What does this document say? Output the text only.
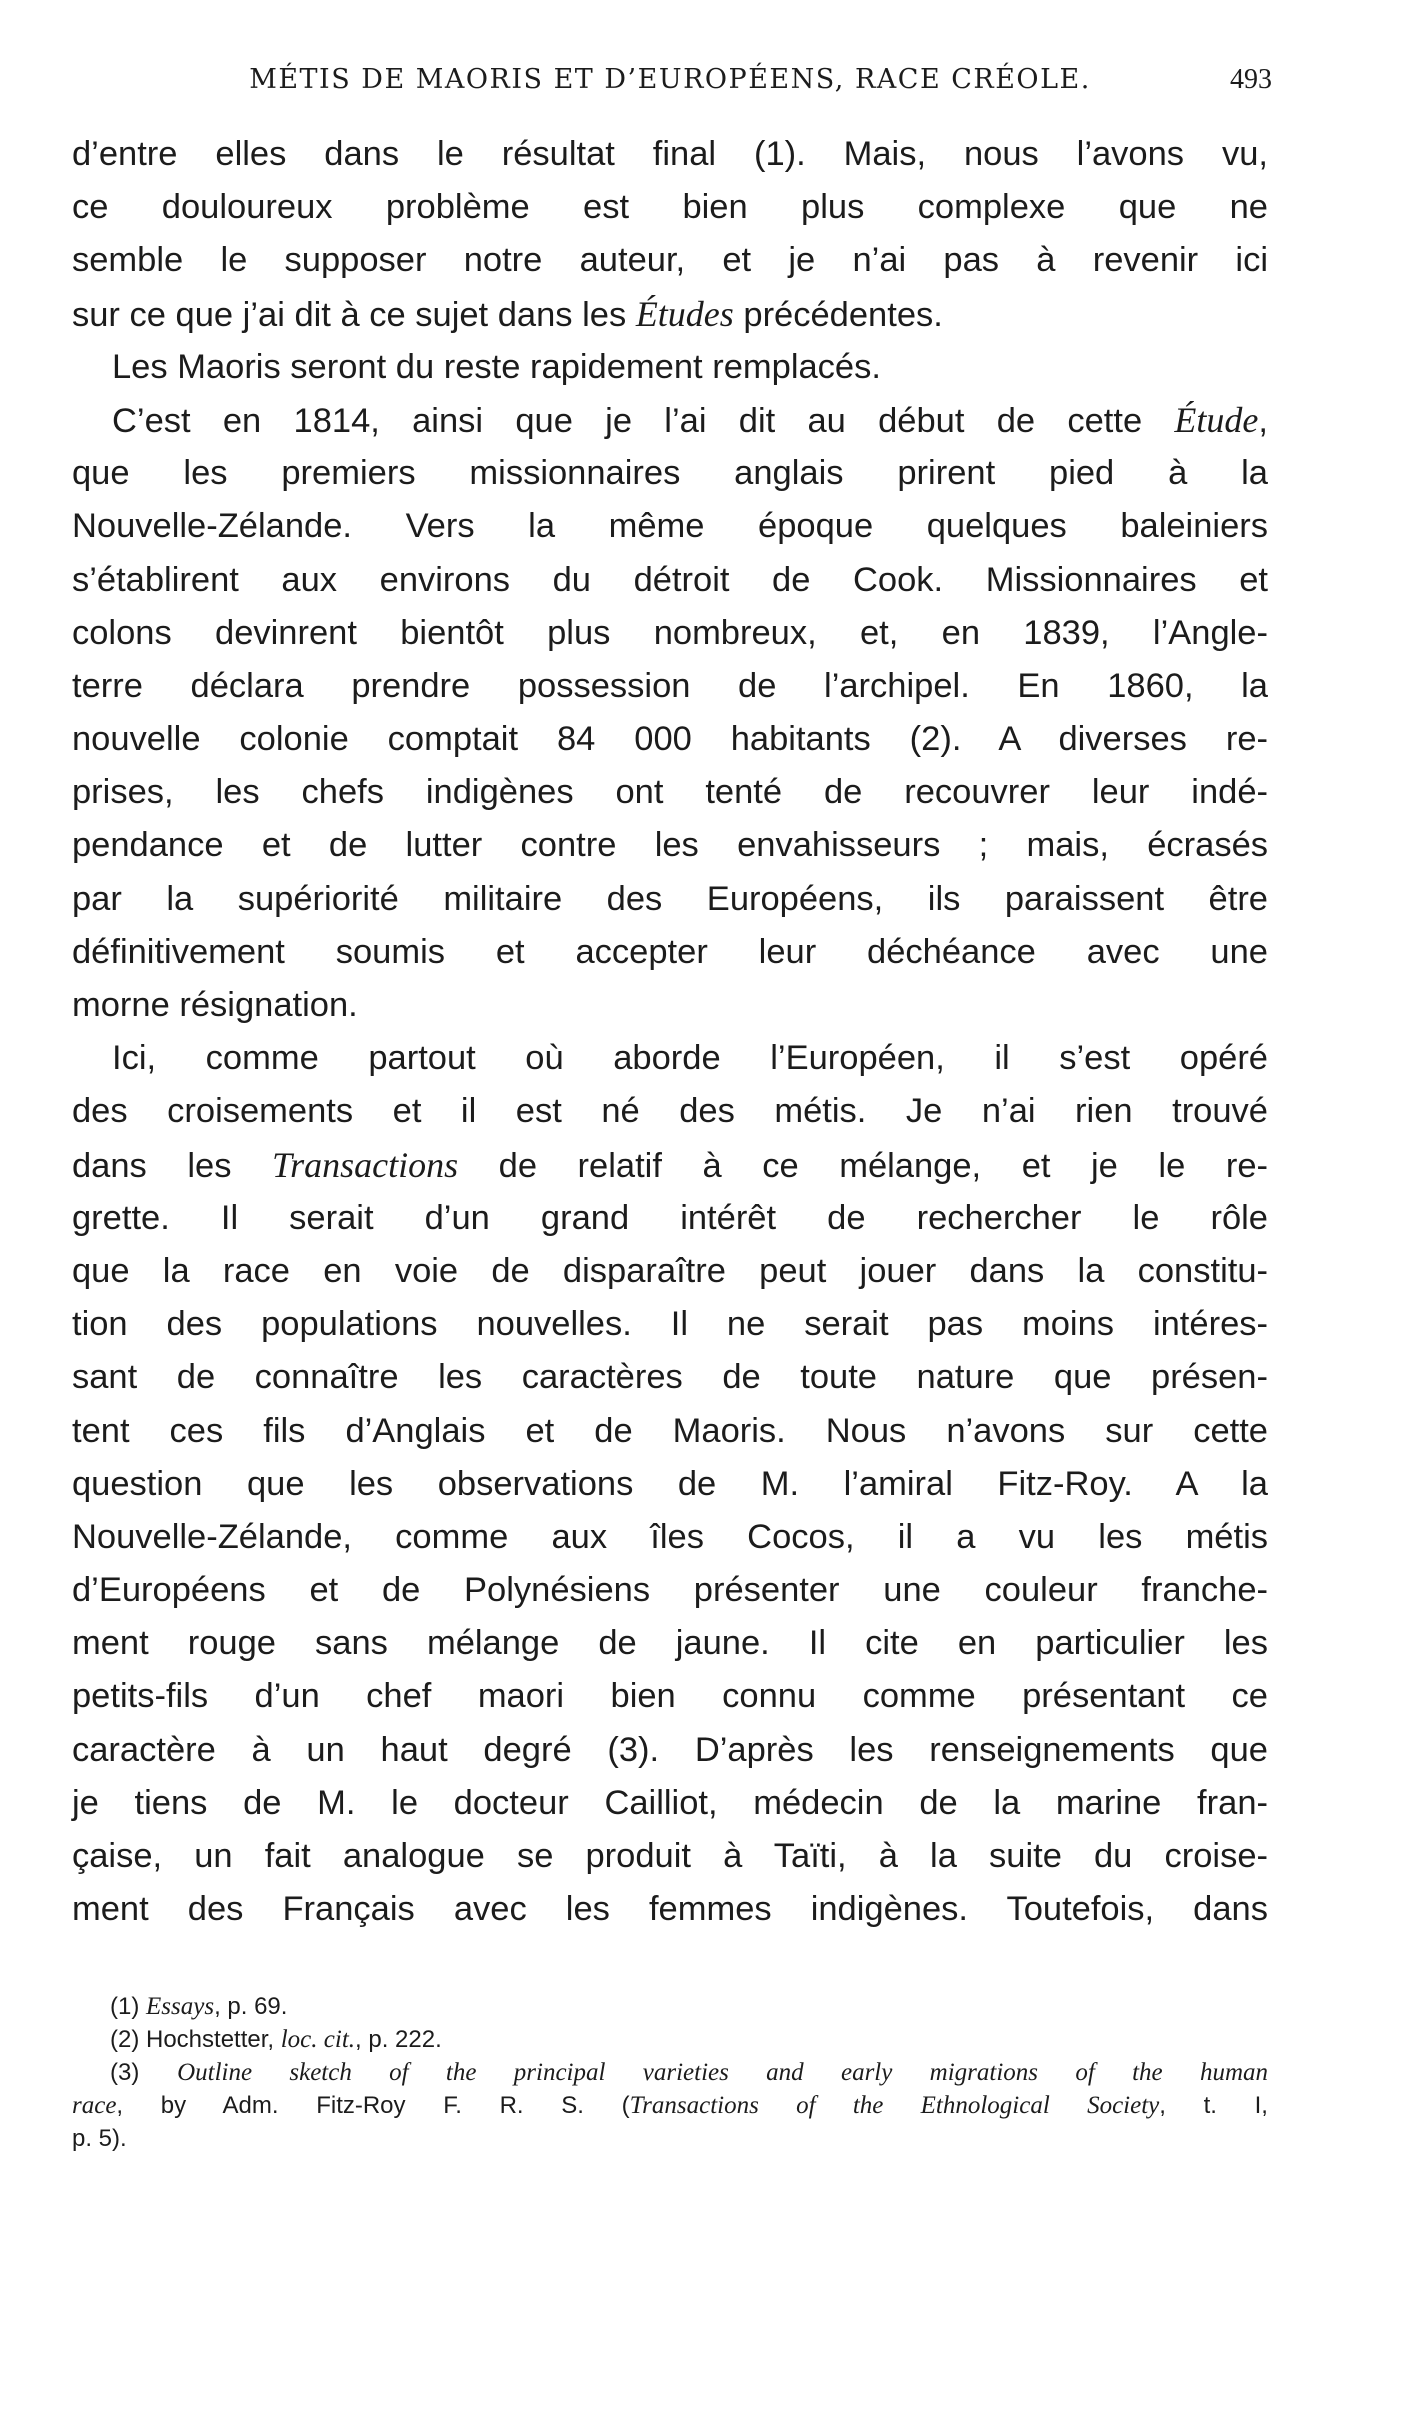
MÉTIS DE MAORIS ET D’EUROPÉENS, RACE CRÉOLE.	493
d’entre elles dans le résultat final (1). Mais, nous l’avons vu,
ce douloureux problème est bien plus complexe que ne
semble le supposer notre auteur, et je n’ai pas à revenir ici
sur ce que j’ai dit à ce sujet dans les Études précédentes.
Les Maoris seront du reste rapidement remplacés.
C’est en 1814, ainsi que je l’ai dit au début de cette Étude,
que les premiers missionnaires anglais prirent pied à la
Nouvelle-Zélande. Vers la même époque quelques baleiniers
s’établirent aux environs du détroit de Cook. Missionnaires et
colons devinrent bientôt plus nombreux, et, en 1839, l’Angle-
terre déclara prendre possession de l’archipel. En 1860, la
nouvelle colonie comptait 84 000 habitants (2). A diverses re-
prises, les chefs indigènes ont tenté de recouvrer leur indé-
pendance et de lutter contre les envahisseurs ; mais, écrasés
par la supériorité militaire des Européens, ils paraissent être
définitivement soumis et accepter leur déchéance avec une
morne résignation.
Ici, comme partout où aborde l’Européen, il s’est opéré
des croisements et il est né des métis. Je n’ai rien trouvé
dans les Transactions de relatif à ce mélange, et je le re-
grette. Il serait d’un grand intérêt de rechercher le rôle
que la race en voie de disparaître peut jouer dans la constitu-
tion des populations nouvelles. Il ne serait pas moins intéres-
sant de connaître les caractères de toute nature que présen-
tent ces fils d’Anglais et de Maoris. Nous n’avons sur cette
question que les observations de M. l’amiral Fitz-Roy. A la
Nouvelle-Zélande, comme aux îles Cocos, il a vu les métis
d’Européens et de Polynésiens présenter une couleur franche-
ment rouge sans mélange de jaune. Il cite en particulier les
petits-fils d’un chef maori bien connu comme présentant ce
caractère à un haut degré (3). D’après les renseignements que
je tiens de M. le docteur Cailliot, médecin de la marine fran-
çaise, un fait analogue se produit à Taïti, à la suite du croise-
ment des Français avec les femmes indigènes. Toutefois, dans
(1) Essays, p. 69.
(2) Hochstetter, loc. cit., p. 222.
(3) Outline sketch of the principal varieties and early migrations of the human
race, by Adm. Fitz-Roy F. R. S. (Transactions of the Ethnological Society, t. I,
p. 5).
